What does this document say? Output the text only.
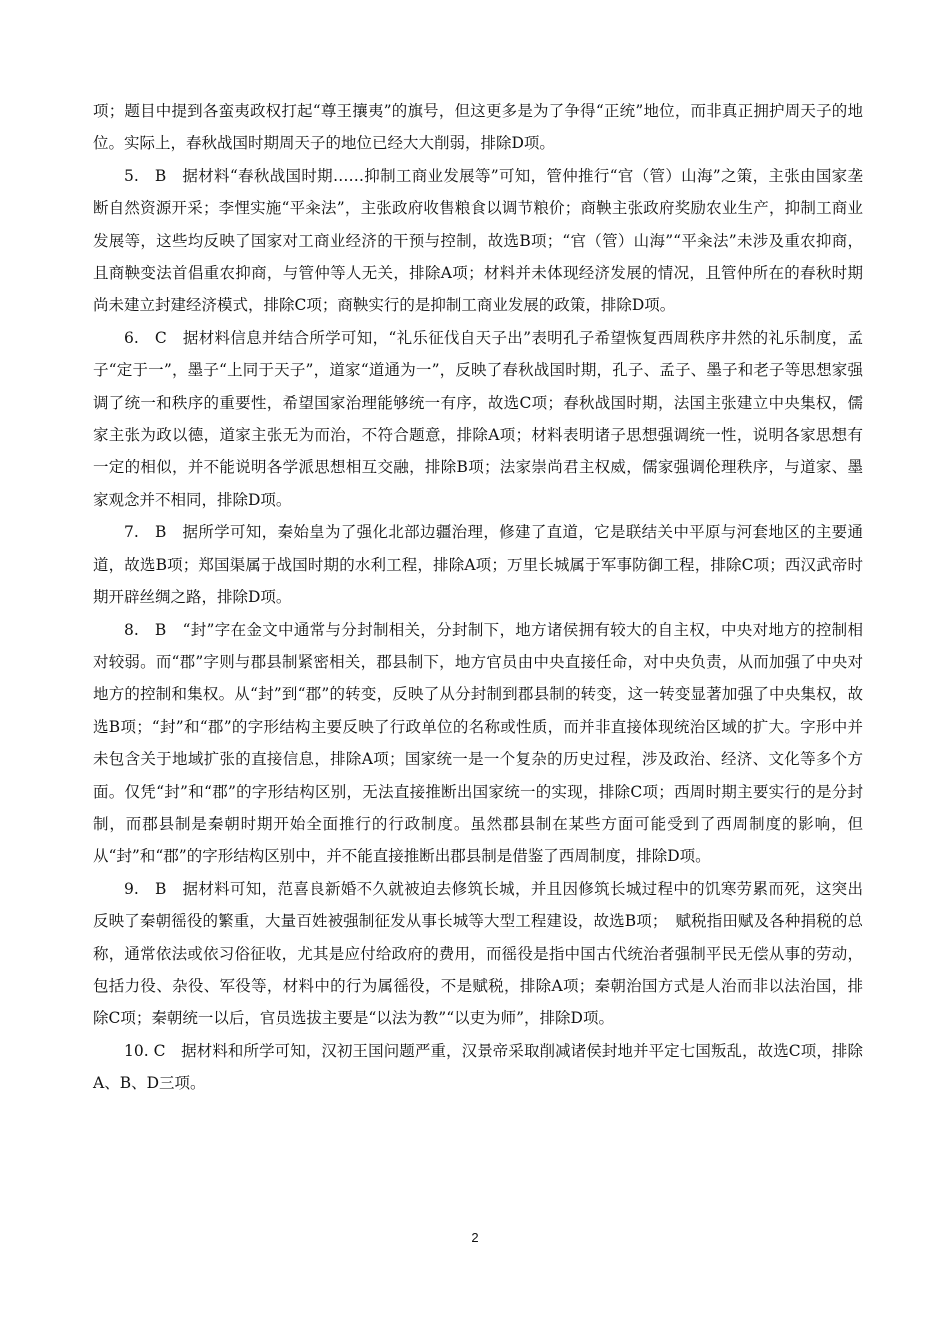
项；题目中提到各蛮夷政权打起“尊王攘夷”的旗号，但这更多是为了争得“正统”地位，而非真正拥护周天子的地位。实际上，春秋战国时期周天子的地位已经大大削弱，排除D项。

5.　B　据材料“春秋战国时期……抑制工商业发展等”可知，管仲推行“官（管）山海”之策，主张由国家垄断自然资源开采；李悝实施“平籴法”，主张政府收售粮食以调节粮价；商鞅主张政府奖励农业生产，抑制工商业发展等，这些均反映了国家对工商业经济的干预与控制，故选B项；“官（管）山海”“平籴法”未涉及重农抑商，且商鞅变法首倡重农抑商，与管仲等人无关，排除A项；材料并未体现经济发展的情况，且管仲所在的春秋时期尚未建立封建经济模式，排除C项；商鞅实行的是抑制工商业发展的政策，排除D项。

6.　C　据材料信息并结合所学可知，“礼乐征伐自天子出”表明孔子希望恢复西周秩序井然的礼乐制度，孟子“定于一”，墨子“上同于天子”，道家“道通为一”，反映了春秋战国时期，孔子、孟子、墨子和老子等思想家强调了统一和秩序的重要性，希望国家治理能够统一有序，故选C项；春秋战国时期，法国主张建立中央集权，儒家主张为政以德，道家主张无为而治，不符合题意，排除A项；材料表明诸子思想强调统一性，说明各家思想有一定的相似，并不能说明各学派思想相互交融，排除B项；法家崇尚君主权威，儒家强调伦理秩序，与道家、墨家观念并不相同，排除D项。

7.　B　据所学可知，秦始皇为了强化北部边疆治理，修建了直道，它是联结关中平原与河套地区的主要通道，故选B项；郑国渠属于战国时期的水利工程，排除A项；万里长城属于军事防御工程，排除C项；西汉武帝时期开辟丝绸之路，排除D项。

8.　B　“封”字在金文中通常与分封制相关，分封制下，地方诸侯拥有较大的自主权，中央对地方的控制相对较弱。而“郡”字则与郡县制紧密相关，郡县制下，地方官员由中央直接任命，对中央负责，从而加强了中央对地方的控制和集权。从“封”到“郡”的转变，反映了从分封制到郡县制的转变，这一转变显著加强了中央集权，故选B项；“封”和“郡”的字形结构主要反映了行政单位的名称或性质，而并非直接体现统治区域的扩大。字形中并未包含关于地域扩张的直接信息，排除A项；国家统一是一个复杂的历史过程，涉及政治、经济、文化等多个方面。仅凭“封”和“郡”的字形结构区别，无法直接推断出国家统一的实现，排除C项；西周时期主要实行的是分封制，而郡县制是秦朝时期开始全面推行的行政制度。虽然郡县制在某些方面可能受到了西周制度的影响，但从“封”和“郡”的字形结构区别中，并不能直接推断出郡县制是借鉴了西周制度，排除D项。

9.　B　据材料可知，范喜良新婚不久就被迫去修筑长城，并且因修筑长城过程中的饥寒劳累而死，这突出反映了秦朝徭役的繁重，大量百姓被强制征发从事长城等大型工程建设，故选B项；　赋税指田赋及各种捐税的总称，通常依法或依习俗征收，尤其是应付给政府的费用，而徭役是指中国古代统治者强制平民无偿从事的劳动，包括力役、杂役、军役等，材料中的行为属徭役，不是赋税，排除A项；秦朝治国方式是人治而非以法治国，排除C项；秦朝统一以后，官员选拔主要是“以法为教”“以吏为师”，排除D项。

10. C　据材料和所学可知，汉初王国问题严重，汉景帝采取削减诸侯封地并平定七国叛乱，故选C项，排除A、B、D三项。

2
